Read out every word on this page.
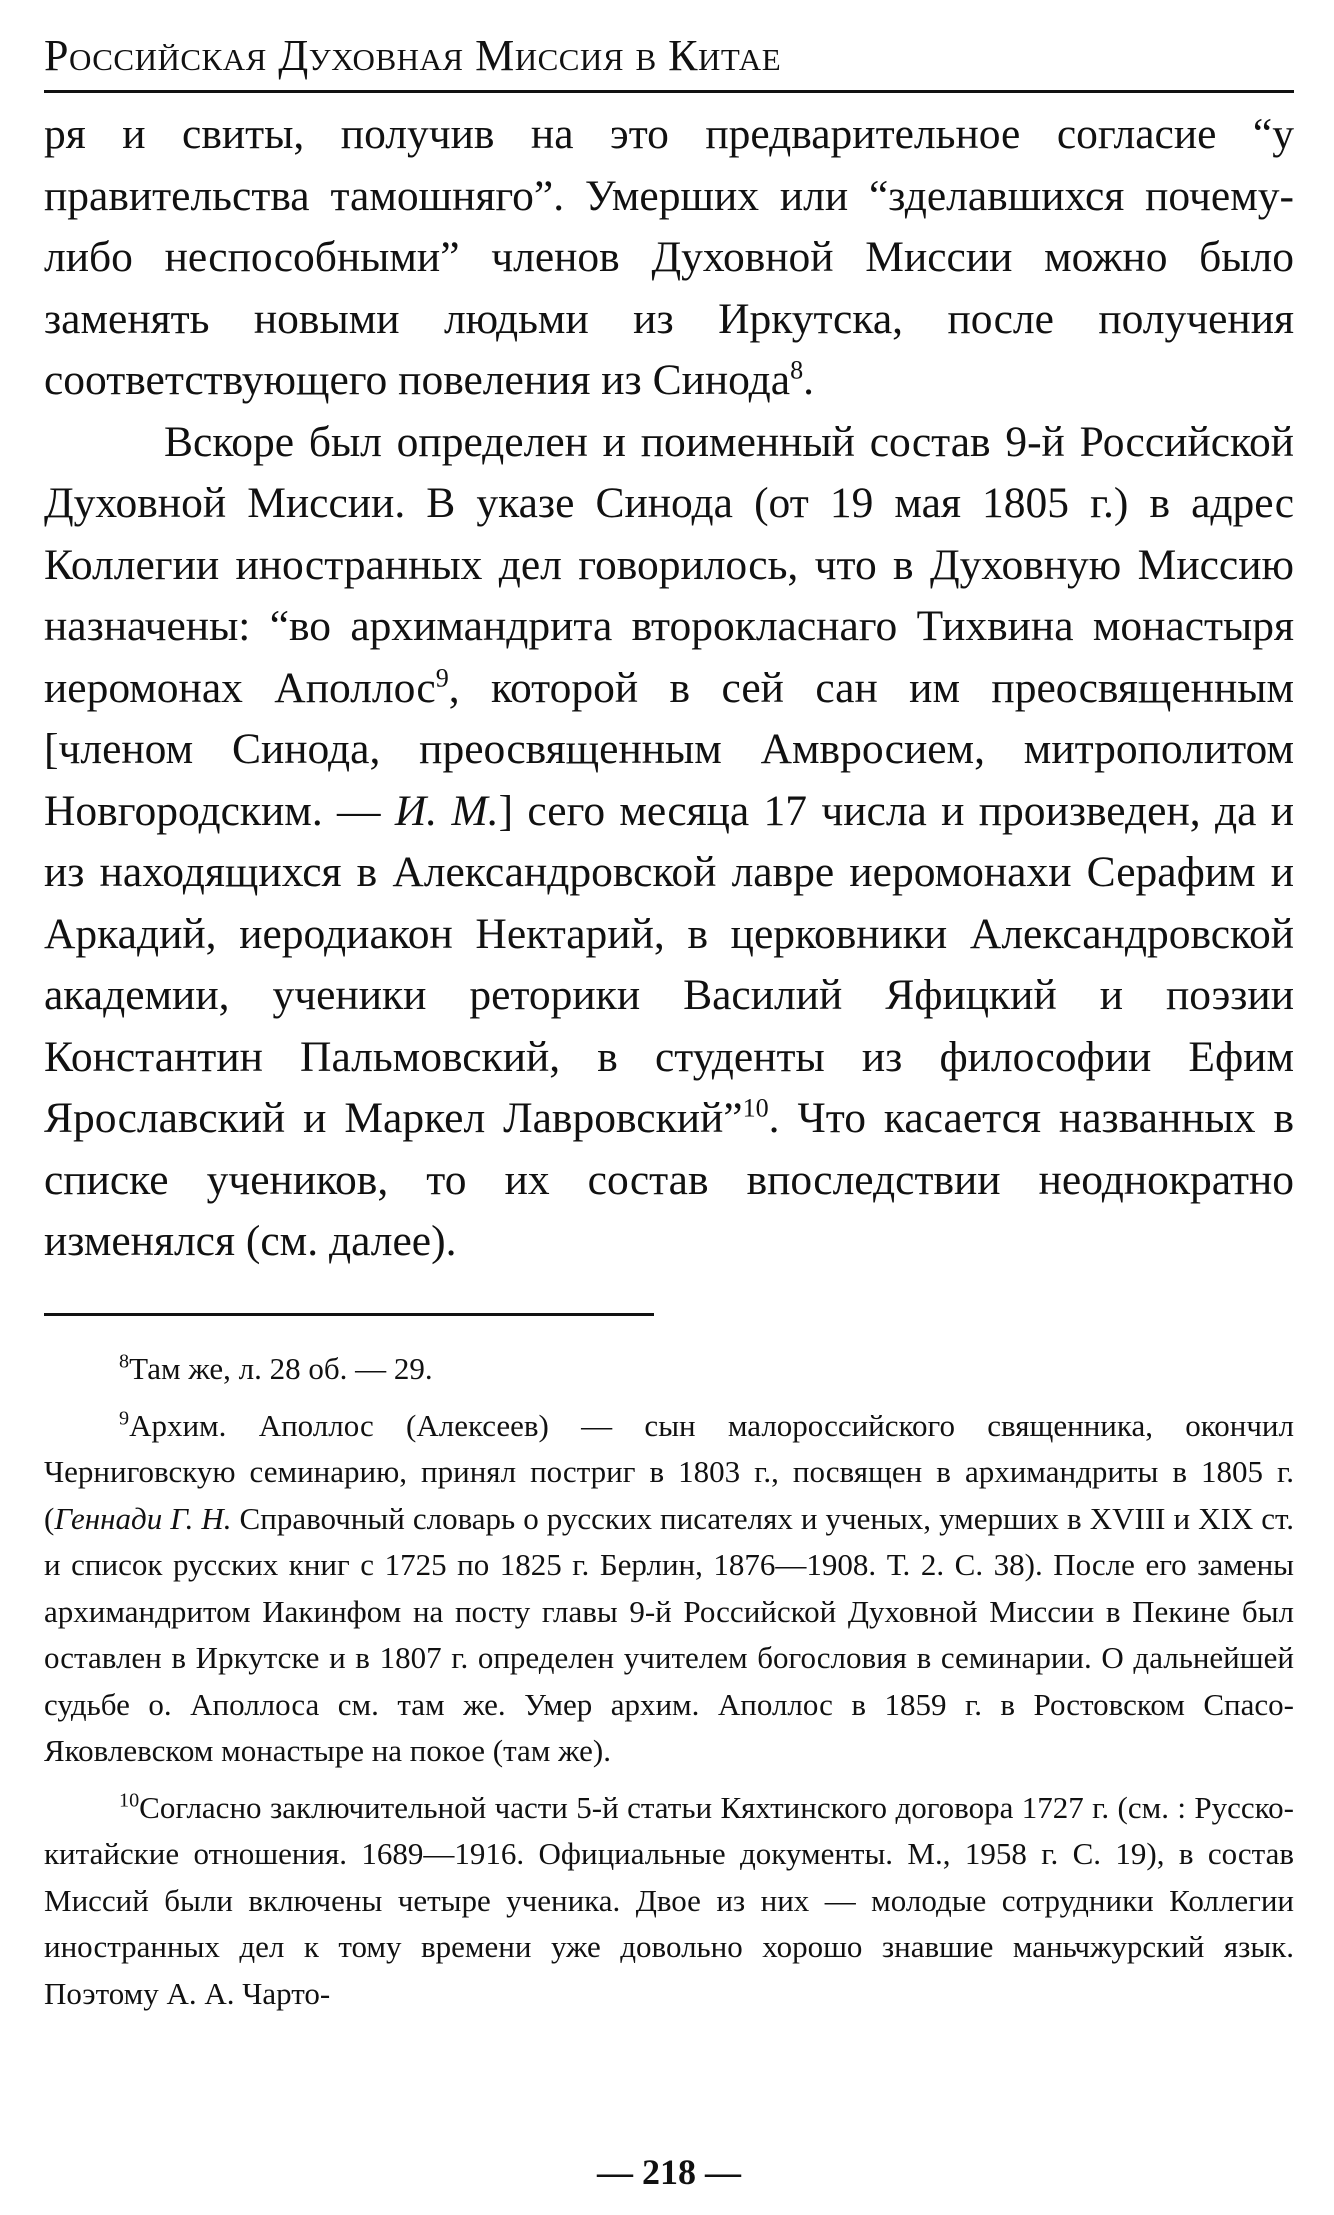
Российская Духовная Миссия в Китае

ря и свиты, получив на это предварительное согласие “у правительства тамошняго”. Умерших или “зделавшихся почему-либо неспособными” членов Духовной Миссии можно было заменять новыми людьми из Иркутска, после получения соответствующего повеления из Синода$^8$.

Вскоре был определен и поименный состав 9-й Российской Духовной Миссии. В указе Синода (от 19 мая 1805 г.) в адрес Коллегии иностранных дел говорилось, что в Духовную Миссию назначены: “во архимандрита второкласнаго Тихвина монастыря иеромонах Аполлос$^9$, которой в сей сан им преосвященным [членом Синода, преосвященным Амвросием, митрополитом Новгородским. — И. М.] сего месяца 17 числа и произведен, да и из находящихся в Александровской лавре иеромонахи Серафим и Аркадий, иеродиакон Нектарий, в церковники Александровской академии, ученики реторики Василий Яфицкий и поэзии Константин Пальмовский, в студенты из философии Ефим Ярославский и Маркел Лавровский”$^{10}$. Что касается названных в списке учеников, то их состав впоследствии неоднократно изменялся (см. далее).

$^8$Там же, л. 28 об. — 29.

$^9$Архим. Аполлос (Алексеев) — сын малороссийского священника, окончил Черниговскую семинарию, принял постриг в 1803 г., посвящен в архимандриты в 1805 г. (Геннади Г. Н. Справочный словарь о русских писателях и ученых, умерших в XVIII и XIX ст. и список русских книг с 1725 по 1825 г. Берлин, 1876—1908. Т. 2. С. 38). После его замены архимандритом Иакинфом на посту главы 9-й Российской Духовной Миссии в Пекине был оставлен в Иркутске и в 1807 г. определен учителем богословия в семинарии. О дальнейшей судьбе о. Аполлоса см. там же. Умер архим. Аполлос в 1859 г. в Ростовском Спасо-Яковлевском монастыре на покое (там же).

$^{10}$Согласно заключительной части 5-й статьи Кяхтинского договора 1727 г. (см. : Русско-китайские отношения. 1689—1916. Официальные документы. М., 1958 г. С. 19), в состав Миссий были включены четыре ученика. Двое из них — молодые сотрудники Коллегии иностранных дел к тому времени уже довольно хорошо знавшие маньчжурский язык. Поэтому А. А. Чарто-

— 218 —
